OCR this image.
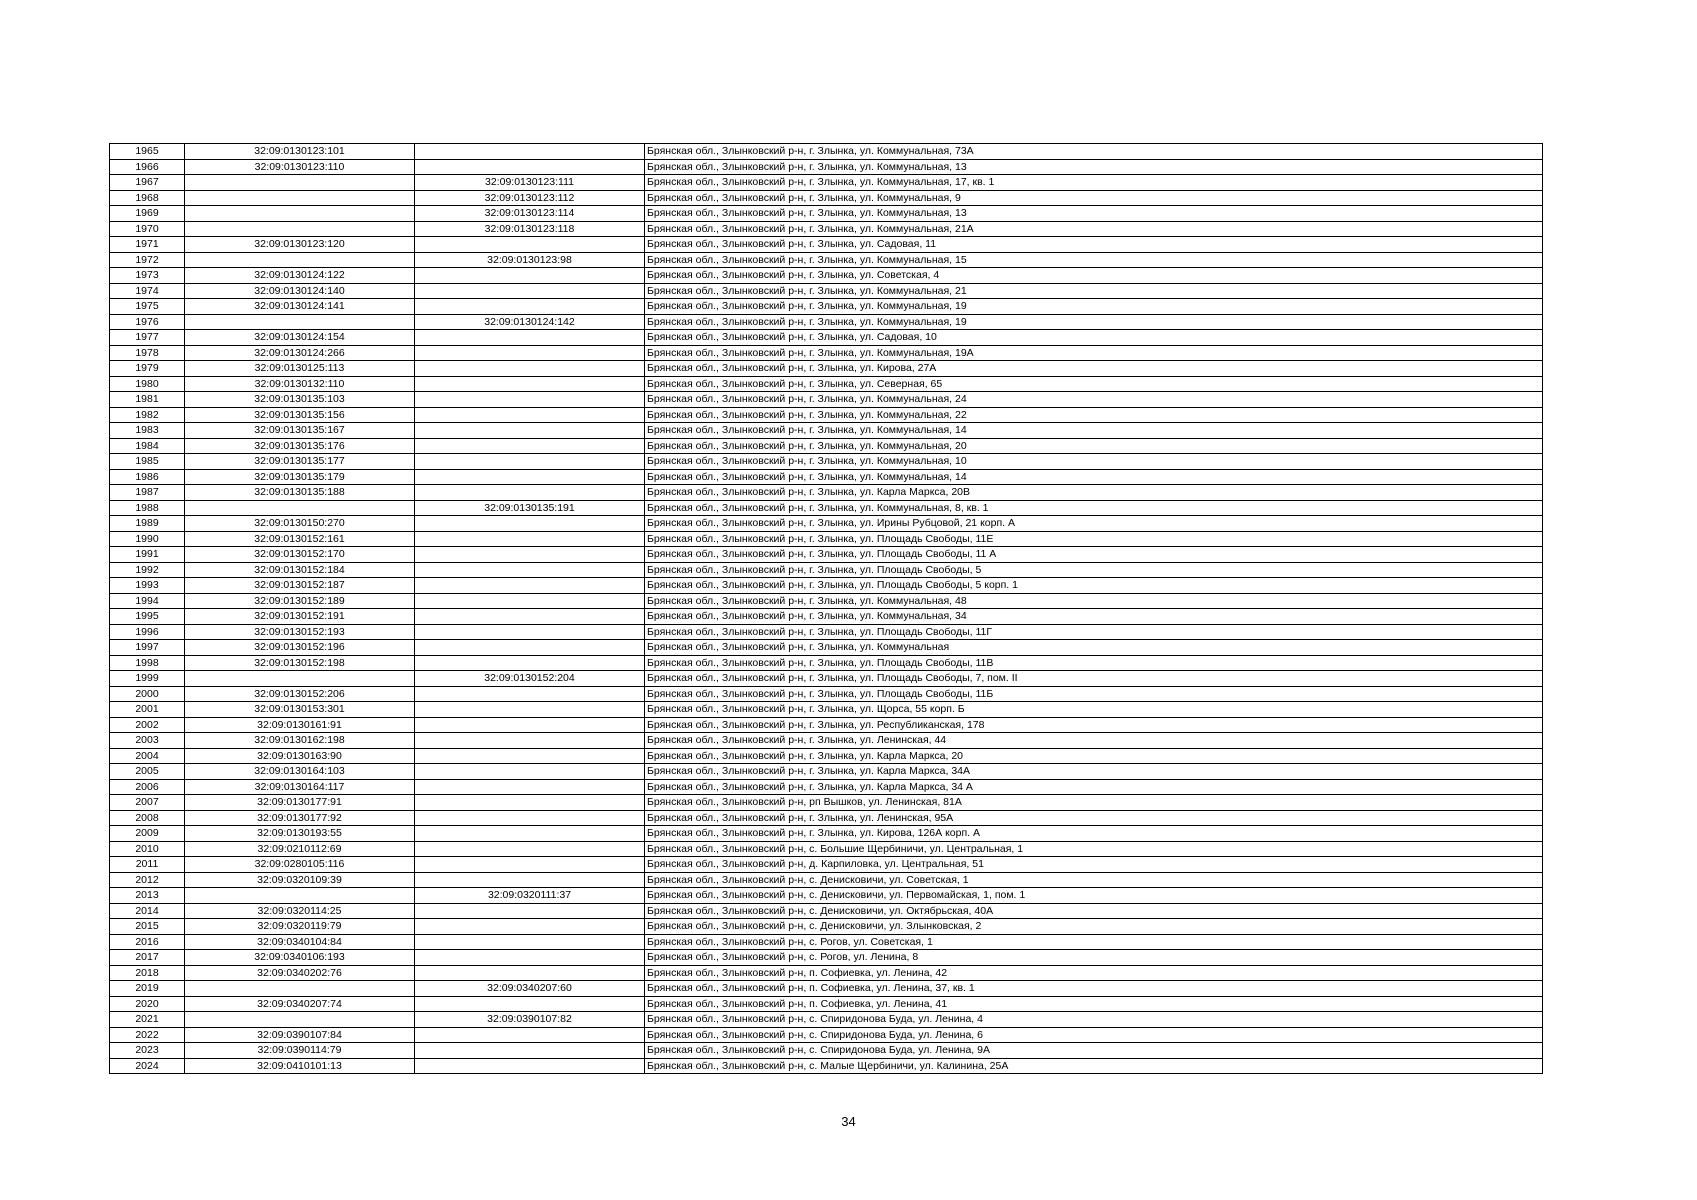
1965	32:09:0130123:101		Брянская обл., Злынковский р-н, г. Злынка, ул. Коммунальная, 73А
1966	32:09:0130123:110		Брянская обл., Злынковский р-н, г. Злынка, ул. Коммунальная, 13
1967		32:09:0130123:111	Брянская обл., Злынковский р-н, г. Злынка, ул. Коммунальная, 17, кв. 1
1968		32:09:0130123:112	Брянская обл., Злынковский р-н, г. Злынка, ул. Коммунальная, 9
1969		32:09:0130123:114	Брянская обл., Злынковский р-н, г. Злынка, ул. Коммунальная, 13
1970		32:09:0130123:118	Брянская обл., Злынковский р-н, г. Злынка, ул. Коммунальная, 21А
1971	32:09:0130123:120		Брянская обл., Злынковский р-н, г. Злынка, ул. Садовая, 11
1972		32:09:0130123:98	Брянская обл., Злынковский р-н, г. Злынка, ул. Коммунальная, 15
1973	32:09:0130124:122		Брянская обл., Злынковский р-н, г. Злынка, ул. Советская, 4
1974	32:09:0130124:140		Брянская обл., Злынковский р-н, г. Злынка, ул. Коммунальная, 21
1975	32:09:0130124:141		Брянская обл., Злынковский р-н, г. Злынка, ул. Коммунальная, 19
1976		32:09:0130124:142	Брянская обл., Злынковский р-н, г. Злынка, ул. Коммунальная, 19
1977	32:09:0130124:154		Брянская обл., Злынковский р-н, г. Злынка, ул. Садовая, 10
1978	32:09:0130124:266		Брянская обл., Злынковский р-н, г. Злынка, ул. Коммунальная, 19А
1979	32:09:0130125:113		Брянская обл., Злынковский р-н, г. Злынка, ул. Кирова, 27А
1980	32:09:0130132:110		Брянская обл., Злынковский р-н, г. Злынка, ул. Северная, 65
1981	32:09:0130135:103		Брянская обл., Злынковский р-н, г. Злынка, ул. Коммунальная, 24
1982	32:09:0130135:156		Брянская обл., Злынковский р-н, г. Злынка, ул. Коммунальная, 22
1983	32:09:0130135:167		Брянская обл., Злынковский р-н, г. Злынка, ул. Коммунальная, 14
1984	32:09:0130135:176		Брянская обл., Злынковский р-н, г. Злынка, ул. Коммунальная, 20
1985	32:09:0130135:177		Брянская обл., Злынковский р-н, г. Злынка, ул. Коммунальная, 10
1986	32:09:0130135:179		Брянская обл., Злынковский р-н, г. Злынка, ул. Коммунальная, 14
1987	32:09:0130135:188		Брянская обл., Злынковский р-н, г. Злынка, ул. Карла Маркса, 20В
1988		32:09:0130135:191	Брянская обл., Злынковский р-н, г. Злынка, ул. Коммунальная, 8, кв. 1
1989	32:09:0130150:270		Брянская обл., Злынковский р-н, г. Злынка, ул. Ирины Рубцовой, 21 корп. А
1990	32:09:0130152:161		Брянская обл., Злынковский р-н, г. Злынка, ул. Площадь Свободы, 11Е
1991	32:09:0130152:170		Брянская обл., Злынковский р-н, г. Злынка, ул. Площадь Свободы, 11 А
1992	32:09:0130152:184		Брянская обл., Злынковский р-н, г. Злынка, ул. Площадь Свободы, 5
1993	32:09:0130152:187		Брянская обл., Злынковский р-н, г. Злынка, ул. Площадь Свободы, 5 корп. 1
1994	32:09:0130152:189		Брянская обл., Злынковский р-н, г. Злынка, ул. Коммунальная, 48
1995	32:09:0130152:191		Брянская обл., Злынковский р-н, г. Злынка, ул. Коммунальная, 34
1996	32:09:0130152:193		Брянская обл., Злынковский р-н, г. Злынка, ул. Площадь Свободы, 11Г
1997	32:09:0130152:196		Брянская обл., Злынковский р-н, г. Злынка, ул. Коммунальная
1998	32:09:0130152:198		Брянская обл., Злынковский р-н, г. Злынка, ул. Площадь Свободы, 11В
1999		32:09:0130152:204	Брянская обл., Злынковский р-н, г. Злынка, ул. Площадь Свободы, 7, пом. II
2000	32:09:0130152:206		Брянская обл., Злынковский р-н, г. Злынка, ул. Площадь Свободы, 11Б
2001	32:09:0130153:301		Брянская обл., Злынковский р-н, г. Злынка, ул. Щорса, 55 корп. Б
2002	32:09:0130161:91		Брянская обл., Злынковский р-н, г. Злынка, ул. Республиканская, 178
2003	32:09:0130162:198		Брянская обл., Злынковский р-н, г. Злынка, ул. Ленинская, 44
2004	32:09:0130163:90		Брянская обл., Злынковский р-н, г. Злынка, ул. Карла Маркса, 20
2005	32:09:0130164:103		Брянская обл., Злынковский р-н, г. Злынка, ул. Карла Маркса, 34А
2006	32:09:0130164:117		Брянская обл., Злынковский р-н, г. Злынка, ул. Карла Маркса, 34 А
2007	32:09:0130177:91		Брянская обл., Злынковский р-н, рп Вышков, ул. Ленинская, 81А
2008	32:09:0130177:92		Брянская обл., Злынковский р-н, г. Злынка, ул. Ленинская, 95А
2009	32:09:0130193:55		Брянская обл., Злынковский р-н, г. Злынка, ул. Кирова, 126А корп. А
2010	32:09:0210112:69		Брянская обл., Злынковский р-н, с. Большие Щербиничи, ул. Центральная, 1
2011	32:09:0280105:116		Брянская обл., Злынковский р-н, д. Карпиловка, ул. Центральная, 51
2012	32:09:0320109:39		Брянская обл., Злынковский р-н, с. Денисковичи, ул. Советская, 1
2013		32:09:0320111:37	Брянская обл., Злынковский р-н, с. Денисковичи, ул. Первомайская, 1, пом. 1
2014	32:09:0320114:25		Брянская обл., Злынковский р-н, с. Денисковичи, ул. Октябрьская, 40А
2015	32:09:0320119:79		Брянская обл., Злынковский р-н, с. Денисковичи, ул. Злынковская, 2
2016	32:09:0340104:84		Брянская обл., Злынковский р-н, с. Рогов, ул. Советская, 1
2017	32:09:0340106:193		Брянская обл., Злынковский р-н, с. Рогов, ул. Ленина, 8
2018	32:09:0340202:76		Брянская обл., Злынковский р-н, п. Софиевка, ул. Ленина, 42
2019		32:09:0340207:60	Брянская обл., Злынковский р-н, п. Софиевка, ул. Ленина, 37, кв. 1
2020	32:09:0340207:74		Брянская обл., Злынковский р-н, п. Софиевка, ул. Ленина, 41
2021		32:09:0390107:82	Брянская обл., Злынковский р-н, с. Спиридонова Буда, ул. Ленина, 4
2022	32:09:0390107:84		Брянская обл., Злынковский р-н, с. Спиридонова Буда, ул. Ленина, 6
2023	32:09:0390114:79		Брянская обл., Злынковский р-н, с. Спиридонова Буда, ул. Ленина, 9А
2024	32:09:0410101:13		Брянская обл., Злынковский р-н, с. Малые Щербиничи, ул. Калинина, 25А
34
